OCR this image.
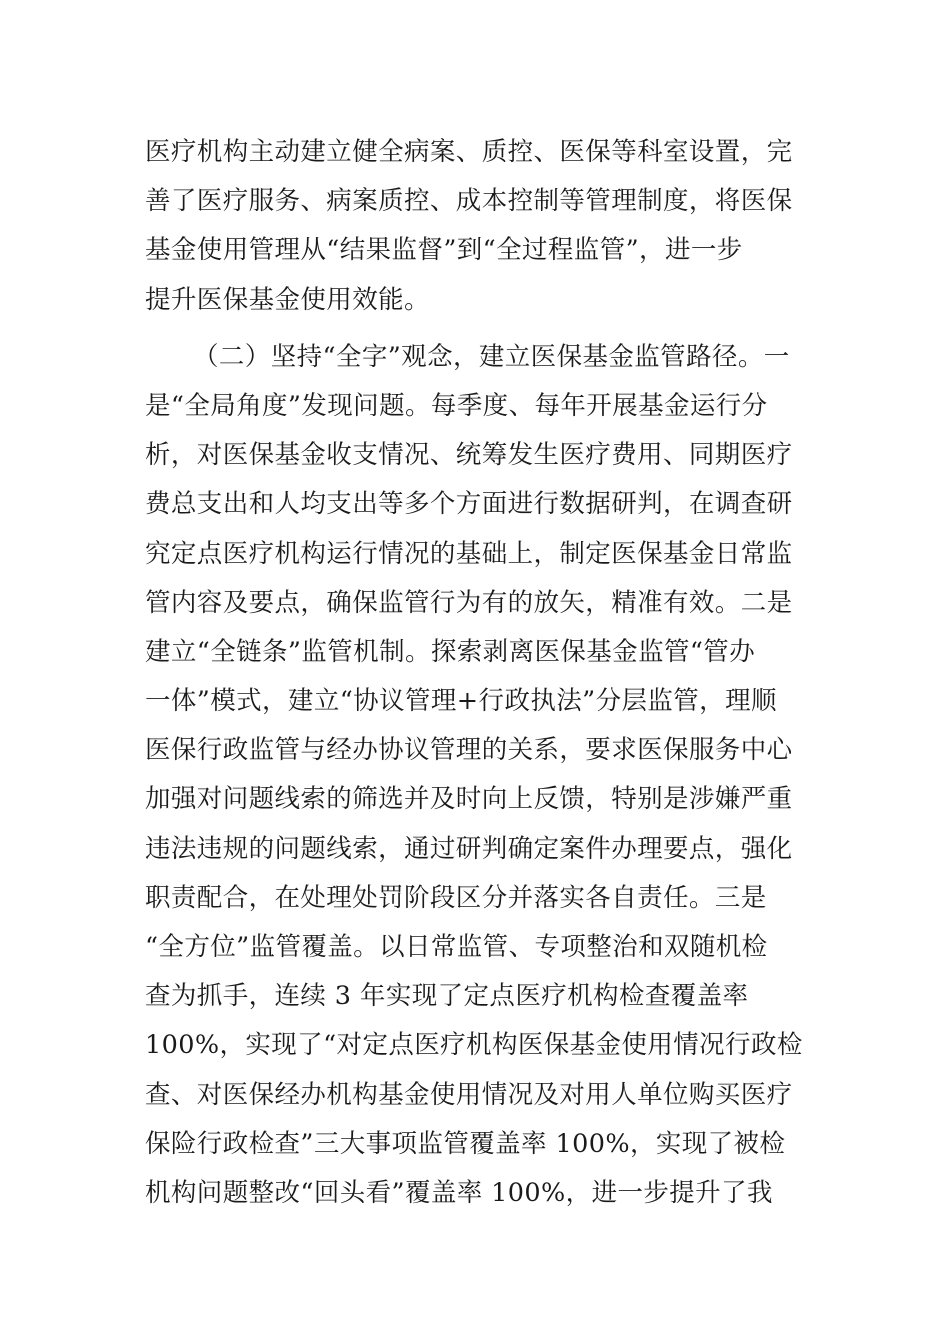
医疗机构主动建立健全病案、质控、医保等科室设置，完
善了医疗服务、病案质控、成本控制等管理制度，将医保
基金使用管理从“结果监督”到“全过程监管”，进一步
提升医保基金使用效能。
（二）坚持“全字”观念，建立医保基金监管路径。一
是“全局角度”发现问题。每季度、每年开展基金运行分
析，对医保基金收支情况、统筹发生医疗费用、同期医疗
费总支出和人均支出等多个方面进行数据研判，在调查研
究定点医疗机构运行情况的基础上，制定医保基金日常监
管内容及要点，确保监管行为有的放矢，精准有效。二是
建立“全链条”监管机制。探索剥离医保基金监管“管办
一体”模式，建立“协议管理+行政执法”分层监管，理顺
医保行政监管与经办协议管理的关系，要求医保服务中心
加强对问题线索的筛选并及时向上反馈，特别是涉嫌严重
违法违规的问题线索，通过研判确定案件办理要点，强化
职责配合，在处理处罚阶段区分并落实各自责任。三是
“全方位”监管覆盖。以日常监管、专项整治和双随机检
查为抓手，连续 3 年实现了定点医疗机构检查覆盖率
100%，实现了“对定点医疗机构医保基金使用情况行政检
查、对医保经办机构基金使用情况及对用人单位购买医疗
保险行政检查”三大事项监管覆盖率 100%，实现了被检
机构问题整改“回头看”覆盖率 100%，进一步提升了我
